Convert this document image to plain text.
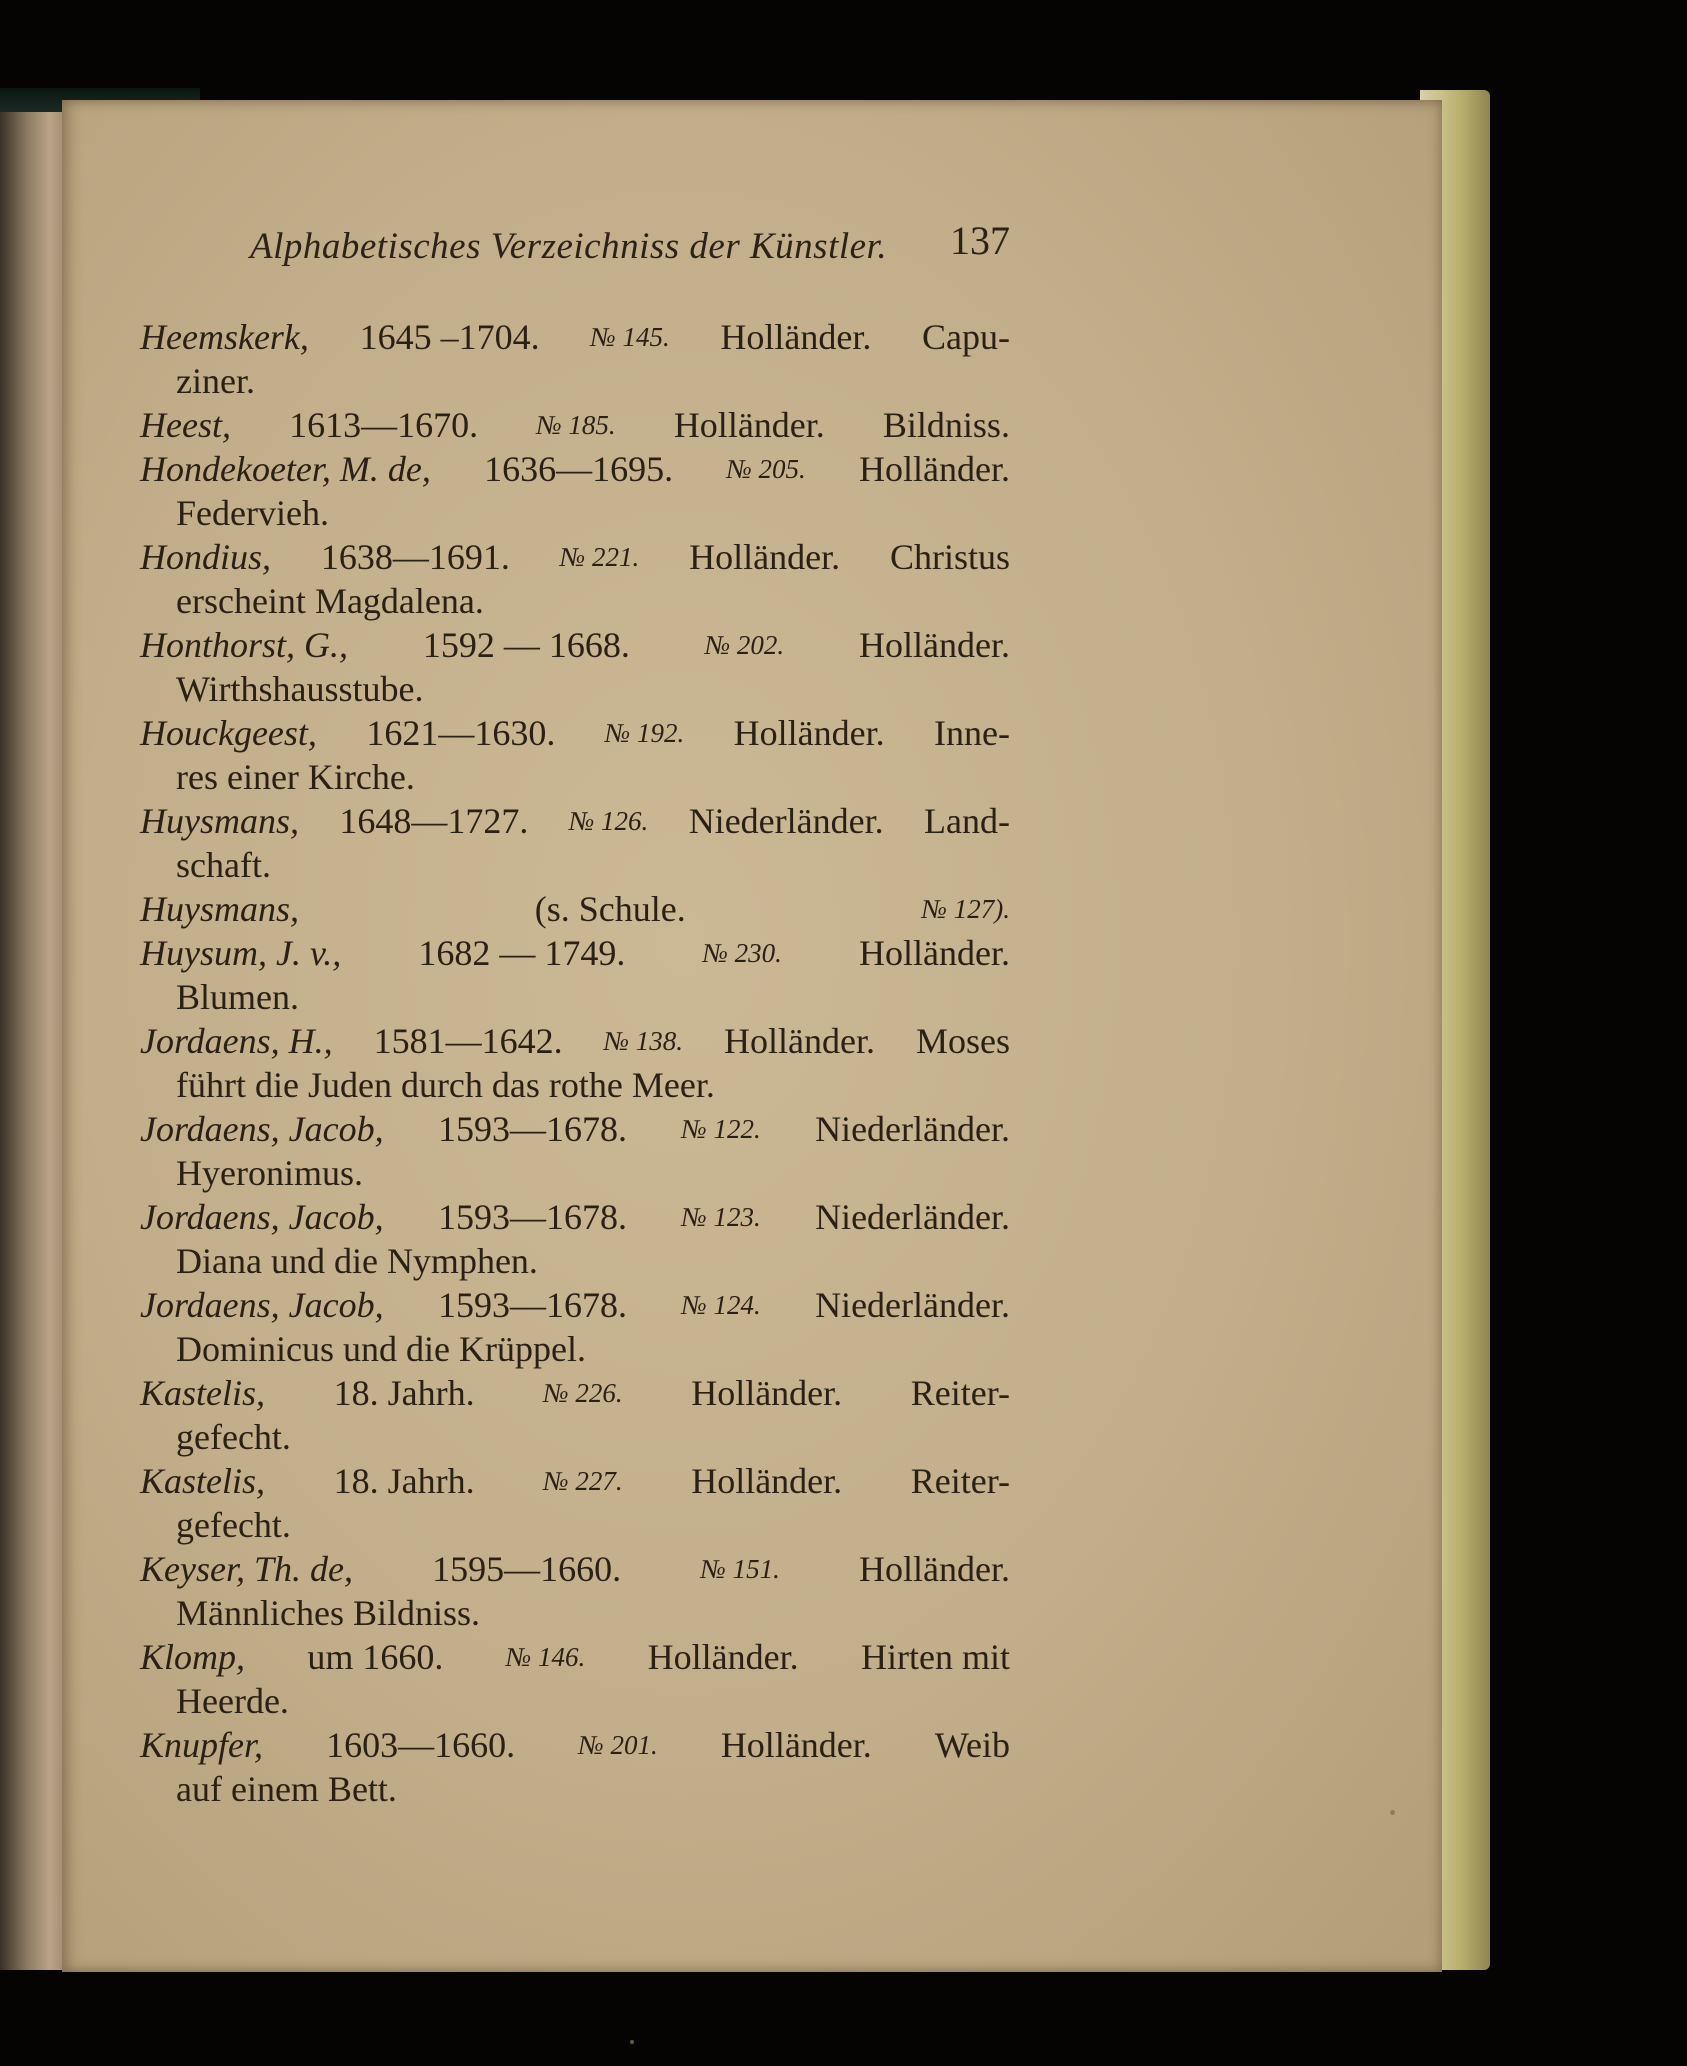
Alphabetisches Verzeichniss der Künstler. 137
Heemskerk, 1645 –1704. № 145. Holländer. Capu-
ziner.
Heest, 1613—1670. № 185. Holländer. Bildniss.
Hondekoeter, M. de, 1636—1695. № 205. Holländer.
Federvieh.
Hondius, 1638—1691. № 221. Holländer. Christus
erscheint Magdalena.
Honthorst, G., 1592 — 1668.	№ 202. Holländer.
Wirthshausstube.
Houckgeest, 1621—1630. № 192. Holländer. Inne-
res einer Kirche.
Huysmans, 1648—1727. № 126. Niederländer. Land-
schaft.
Huysmans,	(s. Schule.	№ 127).
Huysum, J. v., 1682 — 1749.	№ 230. Holländer.
Blumen.
Jordaens, H., 1581—1642. № 138. Holländer. Moses
führt die Juden durch das rothe Meer.
Jordaens, Jacob, 1593—1678. № 122. Niederländer.
Hyeronimus.
Jordaens, Jacob, 1593—1678. № 123. Niederländer.
Diana und die Nymphen.
Jordaens, Jacob, 1593—1678. № 124. Niederländer.
Dominicus und die Krüppel.
Kastelis, 18. Jahrh.	№ 226. Holländer. Reiter-
gefecht.
Kastelis, 18. Jahrh.	№ 227. Holländer. Reiter-
gefecht.
Keyser, Th. de, 1595—1660.	№ 151. Holländer.
Männliches Bildniss.
Klomp, um 1660. № 146. Holländer. Hirten mit
Heerde.
Knupfer, 1603—1660. № 201. Holländer. Weib
auf einem Bett.
